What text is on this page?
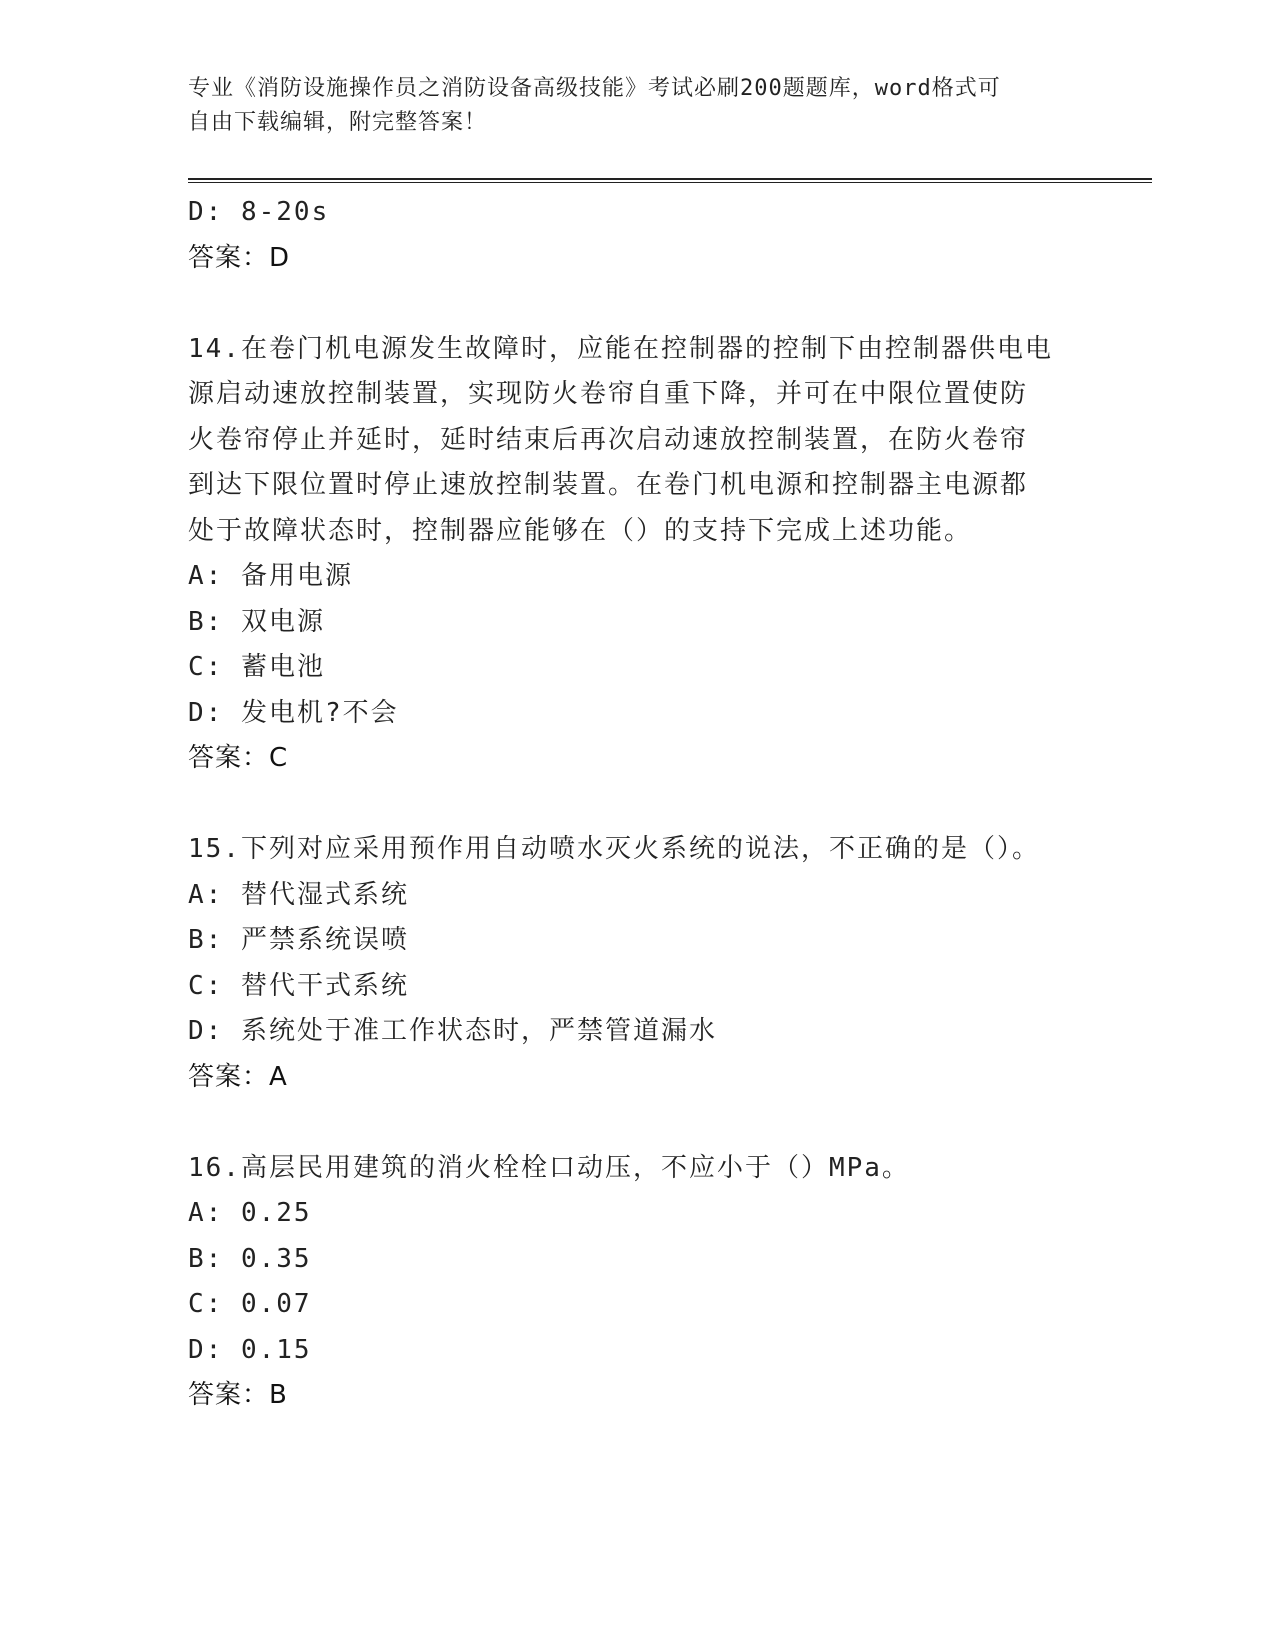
专业《消防设施操作员之消防设备高级技能》考试必刷200题题库，word格式可
自由下载编辑，附完整答案！
D: 8-20s
答案：D
14.在卷门机电源发生故障时，应能在控制器的控制下由控制器供电电
源启动速放控制装置，实现防火卷帘自重下降，并可在中限位置使防
火卷帘停止并延时，延时结束后再次启动速放控制装置，在防火卷帘
到达下限位置时停止速放控制装置。在卷门机电源和控制器主电源都
处于故障状态时，控制器应能够在（）的支持下完成上述功能。
A: 备用电源
B: 双电源
C: 蓄电池
D: 发电机?不会
答案：C
15.下列对应采用预作用自动喷水灭火系统的说法，不正确的是（）。
A: 替代湿式系统
B: 严禁系统误喷
C: 替代干式系统
D: 系统处于准工作状态时，严禁管道漏水
答案：A
16.高层民用建筑的消火栓栓口动压，不应小于（）MPa。
A: 0.25
B: 0.35
C: 0.07
D: 0.15
答案：B
